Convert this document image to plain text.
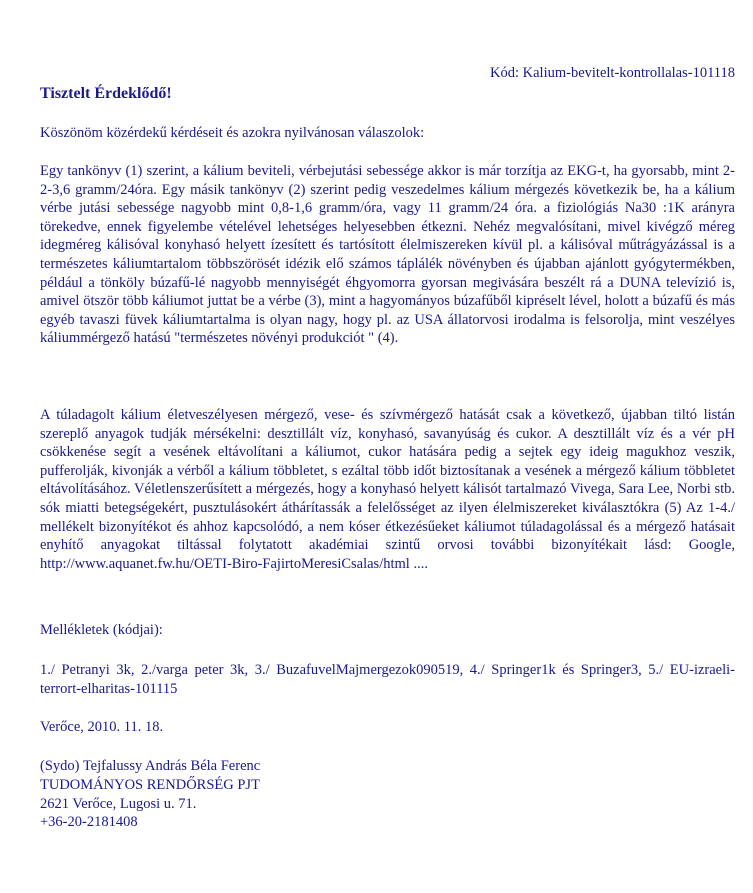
Kód: Kalium-bevitelt-kontrollalas-101118
Tisztelt Érdeklődő!
Köszönöm közérdekű kérdéseit és azokra nyilvánosan válaszolok:
Egy tankönyv (1) szerint, a kálium beviteli, vérbejutási sebessége akkor is már torzítja az EKG-t, ha gyorsabb, mint 2-2-3,6 gramm/24óra. Egy másik tankönyv (2) szerint pedig veszedelmes kálium mérgezés következik be, ha a kálium vérbe jutási sebessége nagyobb mint 0,8-1,6 gramm/óra, vagy 11 gramm/24 óra. a fiziológiás Na30 :1K arányra törekedve, ennek figyelembe vételével lehetséges helyesebben étkezni. Nehéz megvalósítani, mivel kivégző méreg idegméreg kálisóval konyhasó helyett ízesített és tartósított élelmiszereken kívül pl. a kálisóval műtrágyázással is a természetes káliumtartalom többszörösét idézik elő számos táplálék növényben és újabban ajánlott gyógytermékben, például a tönköly búzafű-lé nagyobb mennyiségét éhgyomorra gyorsan megivására beszélt rá a DUNA televízió is, amivel ötször több káliumot juttat be a vérbe (3), mint a hagyományos búzafűből kipréselt lével, holott a búzafű és más egyéb tavaszi füvek káliumtartalma is olyan nagy, hogy pl. az USA állatorvosi irodalma is felsorolja, mint veszélyes káliummérgező hatású "természetes növényi produkciót " (4).
A túladagolt kálium életveszélyesen mérgező, vese- és szívmérgező hatását csak a következő, újabban tiltó listán szereplő anyagok tudják mérsékelni: desztillált víz, konyhasó, savanyúság és cukor. A desztillált víz és a vér pH csökkenése segít a vesének eltávolítani a káliumot, cukor hatására pedig a sejtek egy ideig magukhoz veszik, pufferolják, kivonják a vérből a kálium többletet, s ezáltal több időt biztosítanak a vesének a mérgező kálium többletet eltávolításához. Véletlenszerűsített a mérgezés, hogy a konyhasó helyett kálisót tartalmazó Vivega, Sara Lee, Norbi stb. sók miatti betegségekért, pusztulásokért áthárítassák a felelősséget az ilyen élelmiszereket kiválasztókra (5) Az 1-4./ mellékelt bizonyítékot és ahhoz kapcsolódó, a nem kóser étkezésűeket káliumot túladagolással és a mérgező hatásait enyhítő anyagokat tiltással folytatott akadémiai szintű orvosi további bizonyítékait lásd: Google, http://www.aquanet.fw.hu/OETI-Biro-FajirtoMeresiCsalas/html ....
Mellékletek (kódjai):
1./ Petranyi 3k, 2./varga peter 3k, 3./ BuzafuvelMajmergezok090519, 4./ Springer1k és Springer3, 5./ EU-izraeli-terrort-elharitas-101115
Verőce, 2010. 11. 18.
(Sydo) Tejfalussy András Béla Ferenc
TUDOMÁNYOS RENDŐRSÉG PJT
2621 Verőce, Lugosi u. 71.
+36-20-2181408
